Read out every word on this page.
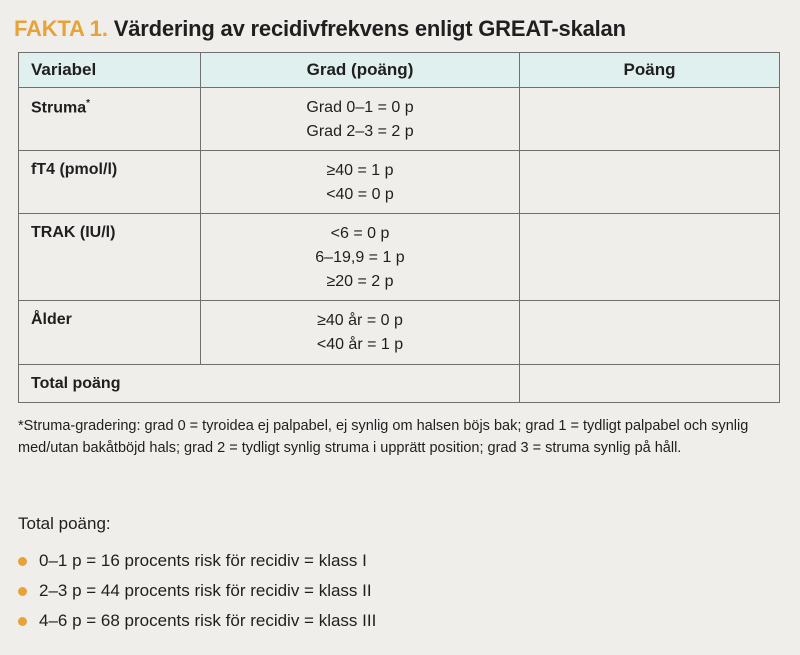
FAKTA 1. Värdering av recidivfrekvens enligt GREAT-skalan
Variabel	Grad (poäng)	Poäng
Struma*	Grad 0–1 = 0 p
Grad 2–3 = 2 p	

fT4 (pmol/l)	≥40 = 1 p
<40 = 0 p	

TRAK (IU/l)	<6 = 0 p
6–19,9 = 1 p
≥20 = 2 p	

Ålder	≥40 år = 0 p
<40 år = 1 p	

Total poäng		
*Struma-gradering: grad 0 = tyroidea ej palpabel, ej synlig om halsen böjs bak; grad 1 = tydligt palpabel och synlig med/utan bakåtböjd hals; grad 2 = tydligt synlig struma i upprätt position; grad 3 = struma synlig på håll.
Total poäng:
0–1 p = 16 procents risk för recidiv = klass I
2–3 p = 44 procents risk för recidiv = klass II
4–6 p = 68 procents risk för recidiv = klass III
